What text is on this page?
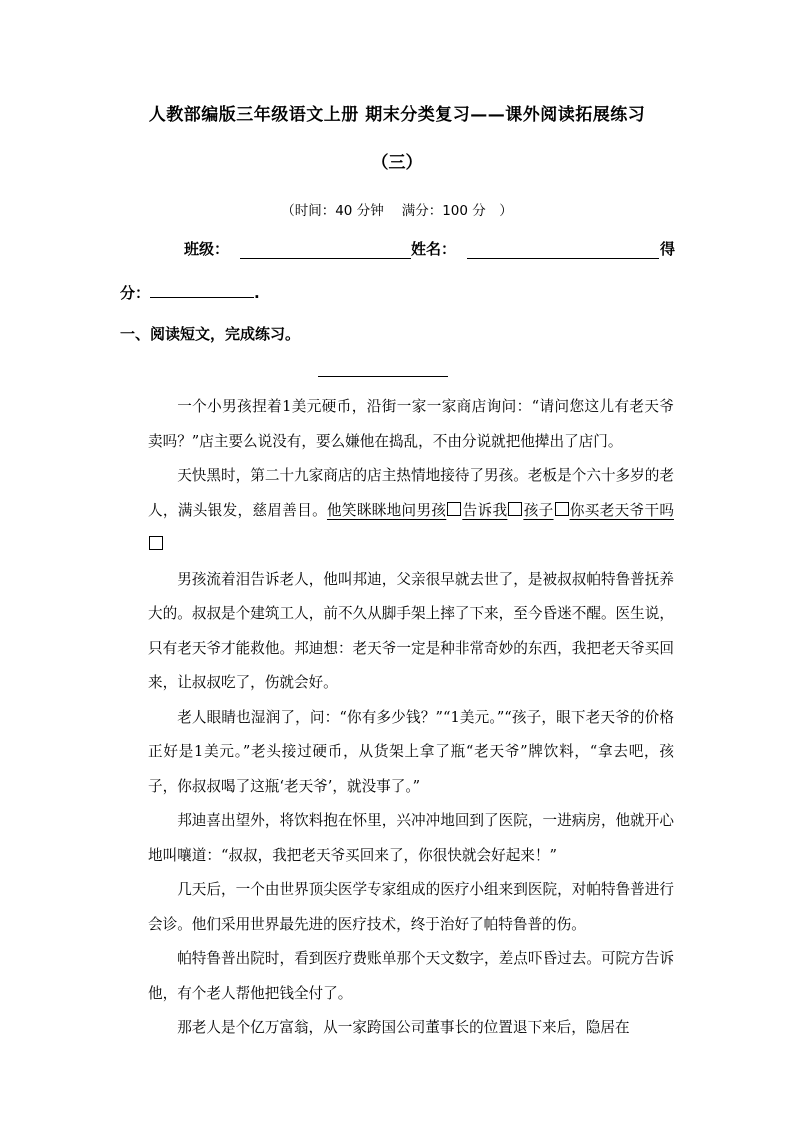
人教部编版三年级语文上册 期末分类复习——课外阅读拓展练习
（三）
（时间：40 分钟 满分：100 分　）
班级：	姓名：	得
分：	.
一、阅读短文，完成练习。

一个小男孩捏着1美元硬币，沿街一家一家商店询问：“请问您这儿有老天爷卖吗？”店主要么说没有，要么嫌他在捣乱，不由分说就把他撵出了店门。

天快黑时，第二十九家商店的店主热情地接待了男孩。老板是个六十多岁的老人，满头银发，慈眉善目。他笑眯眯地问男孩 告诉我 孩子 你买老天爷干吗

男孩流着泪告诉老人，他叫邦迪，父亲很早就去世了，是被叔叔帕特鲁普抚养大的。叔叔是个建筑工人，前不久从脚手架上摔了下来，至今昏迷不醒。医生说，只有老天爷才能救他。邦迪想：老天爷一定是种非常奇妙的东西，我把老天爷买回来，让叔叔吃了，伤就会好。

老人眼睛也湿润了，问：“你有多少钱？”“1美元。”“孩子，眼下老天爷的价格正好是1美元。”老头接过硬币，从货架上拿了瓶“老天爷”牌饮料，“拿去吧，孩子，你叔叔喝了这瓶‘老天爷’，就没事了。”

邦迪喜出望外，将饮料抱在怀里，兴冲冲地回到了医院，一进病房，他就开心地叫嚷道：“叔叔，我把老天爷买回来了，你很快就会好起来！”

几天后，一个由世界顶尖医学专家组成的医疗小组来到医院，对帕特鲁普进行会诊。他们采用世界最先进的医疗技术，终于治好了帕特鲁普的伤。

帕特鲁普出院时，看到医疗费账单那个天文数字，差点吓昏过去。可院方告诉他，有个老人帮他把钱全付了。

那老人是个亿万富翁，从一家跨国公司董事长的位置退下来后，隐居在
